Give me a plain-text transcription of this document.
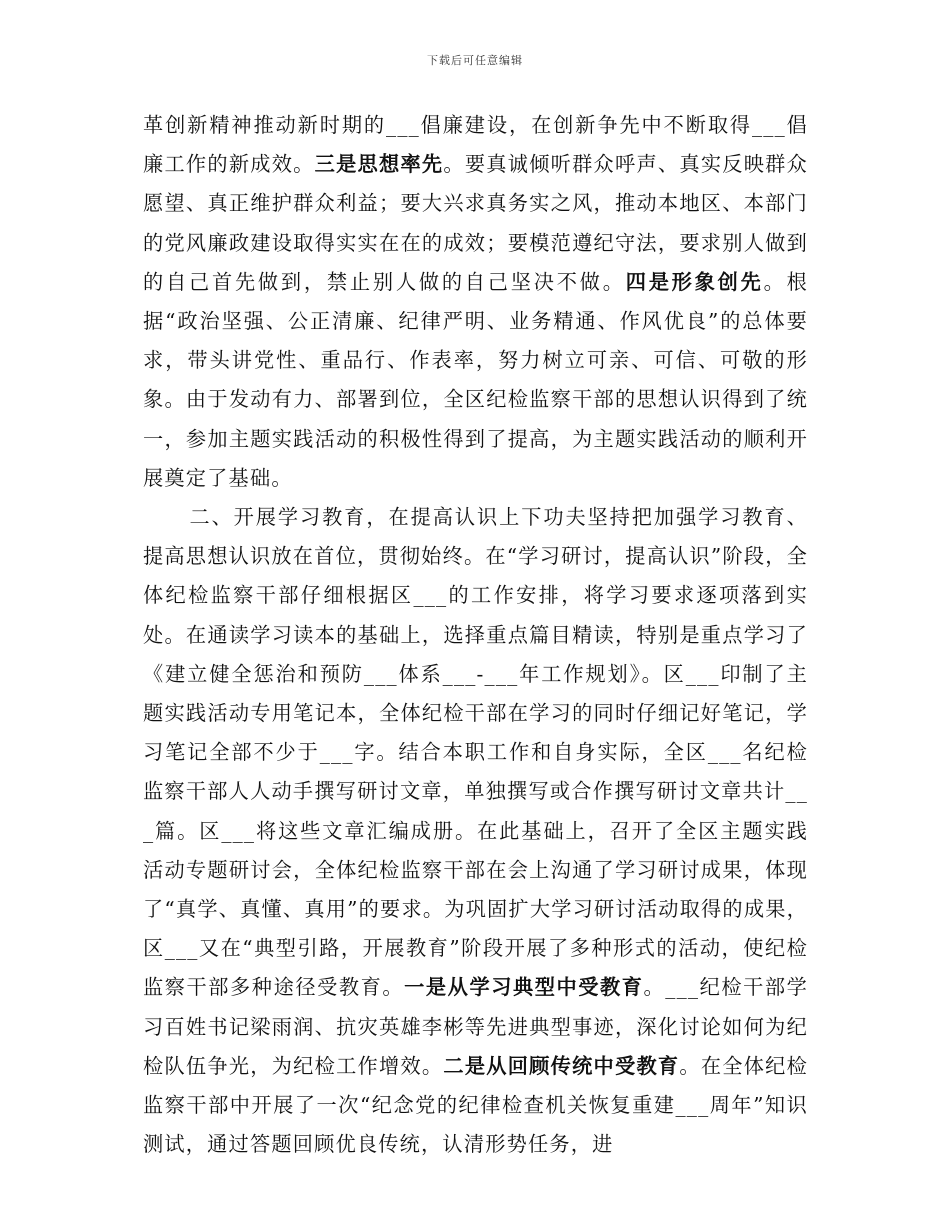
下载后可任意编辑

革创新精神推动新时期的___倡廉建设，在创新争先中不断取得___倡廉工作的新成效。三是思想率先。要真诚倾听群众呼声、真实反映群众愿望、真正维护群众利益；要大兴求真务实之风，推动本地区、本部门的党风廉政建设取得实实在在的成效；要模范遵纪守法，要求别人做到的自己首先做到，禁止别人做的自己坚决不做。四是形象创先。根据“政治坚强、公正清廉、纪律严明、业务精通、作风优良”的总体要求，带头讲党性、重品行、作表率，努力树立可亲、可信、可敬的形象。由于发动有力、部署到位，全区纪检监察干部的思想认识得到了统一，参加主题实践活动的积极性得到了提高，为主题实践活动的顺利开展奠定了基础。

二、开展学习教育，在提高认识上下功夫坚持把加强学习教育、提高思想认识放在首位，贯彻始终。在“学习研讨，提高认识”阶段，全体纪检监察干部仔细根据区___的工作安排，将学习要求逐项落到实处。在通读学习读本的基础上，选择重点篇目精读，特别是重点学习了《建立健全惩治和预防___体系___-___年工作规划》。区___印制了主题实践活动专用笔记本，全体纪检干部在学习的同时仔细记好笔记，学习笔记全部不少于___字。结合本职工作和自身实际，全区___名纪检监察干部人人动手撰写研讨文章，单独撰写或合作撰写研讨文章共计___篇。区___将这些文章汇编成册。在此基础上，召开了全区主题实践活动专题研讨会，全体纪检监察干部在会上沟通了学习研讨成果，体现了“真学、真懂、真用”的要求。为巩固扩大学习研讨活动取得的成果，区___又在“典型引路，开展教育”阶段开展了多种形式的活动，使纪检监察干部多种途径受教育。一是从学习典型中受教育。___纪检干部学习百姓书记梁雨润、抗灾英雄李彬等先进典型事迹，深化讨论如何为纪检队伍争光，为纪检工作增效。二是从回顾传统中受教育。在全体纪检监察干部中开展了一次“纪念党的纪律检查机关恢复重建___周年”知识测试，通过答题回顾优良传统，认清形势任务，进
